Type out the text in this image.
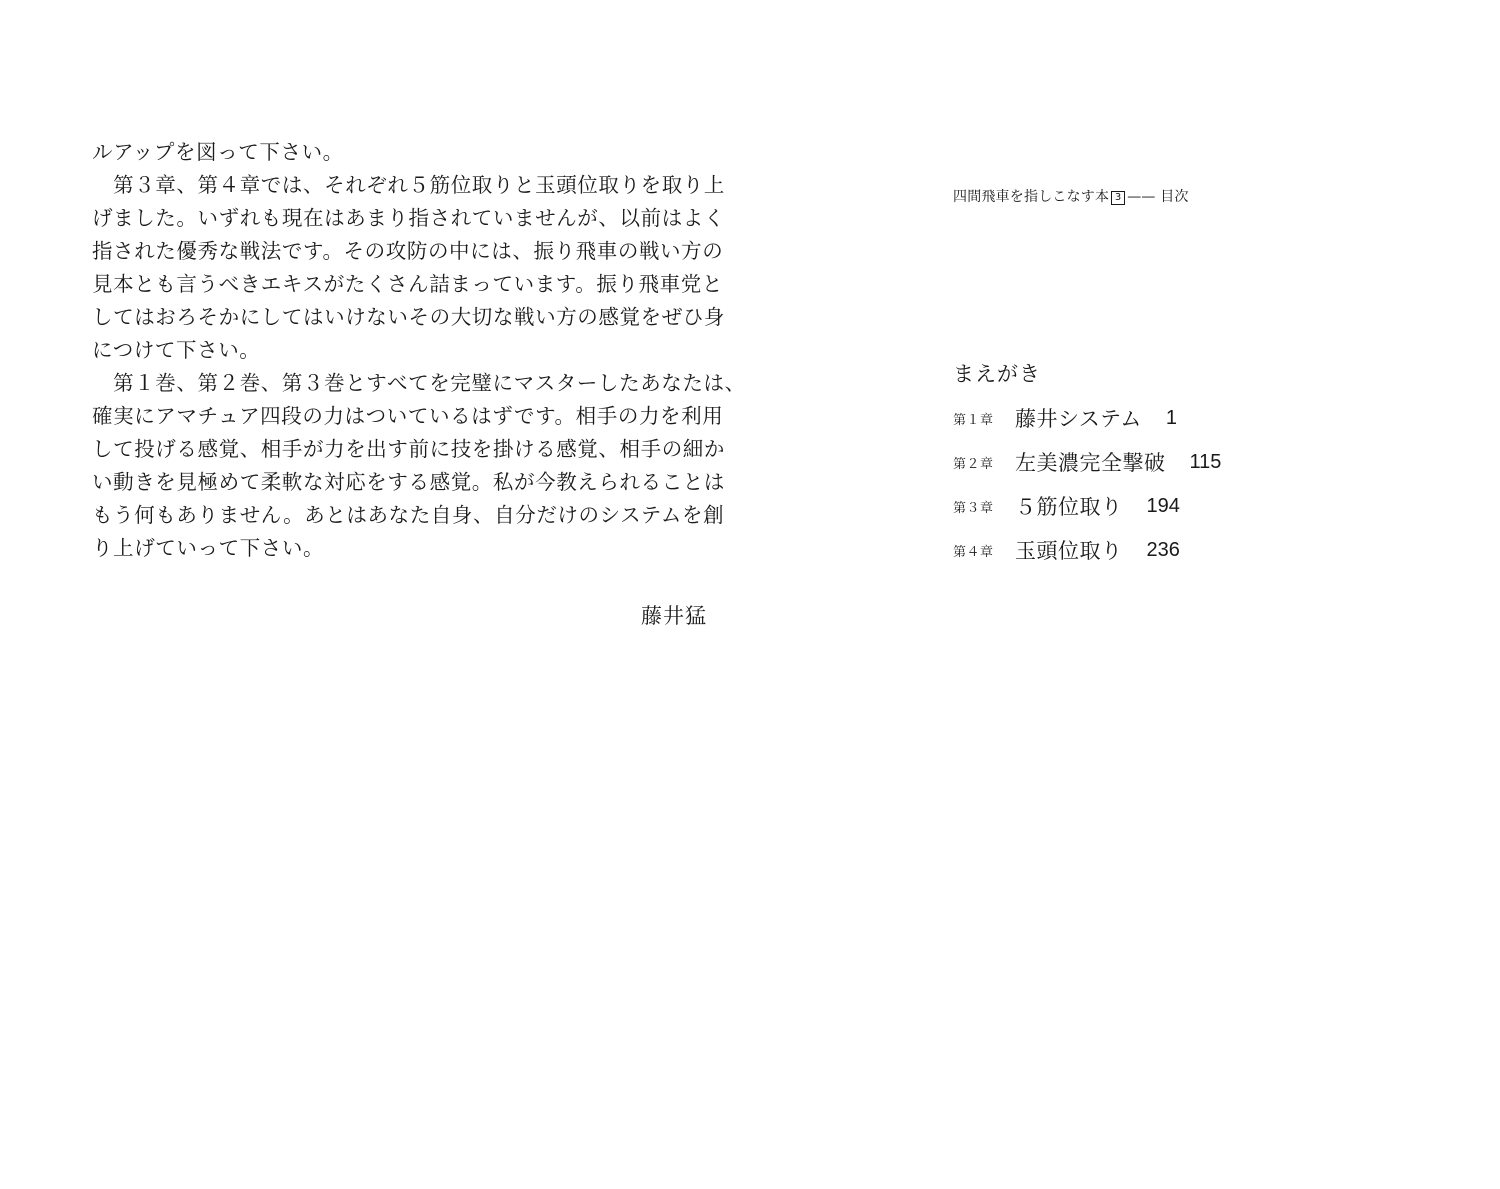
ルアップを図って下さい。
　第３章、第４章では、それぞれ５筋位取りと玉頭位取りを取り上
げました。いずれも現在はあまり指されていませんが、以前はよく
指された優秀な戦法です。その攻防の中には、振り飛車の戦い方の
見本とも言うべきエキスがたくさん詰まっています。振り飛車党と
してはおろそかにしてはいけないその大切な戦い方の感覚をぜひ身
につけて下さい。
　第１巻、第２巻、第３巻とすべてを完璧にマスターしたあなたは、
確実にアマチュア四段の力はついているはずです。相手の力を利用
して投げる感覚、相手が力を出す前に技を掛ける感覚、相手の細か
い動きを見極めて柔軟な対応をする感覚。私が今教えられることは
もう何もありません。あとはあなた自身、自分だけのシステムを創
り上げていって下さい。
藤井猛
四間飛車を指しこなす本 3 —— 目次
まえがき
第１章	藤井システム 1
第２章	左美濃完全撃破 115
第３章	５筋位取り 194
第４章	玉頭位取り 236
